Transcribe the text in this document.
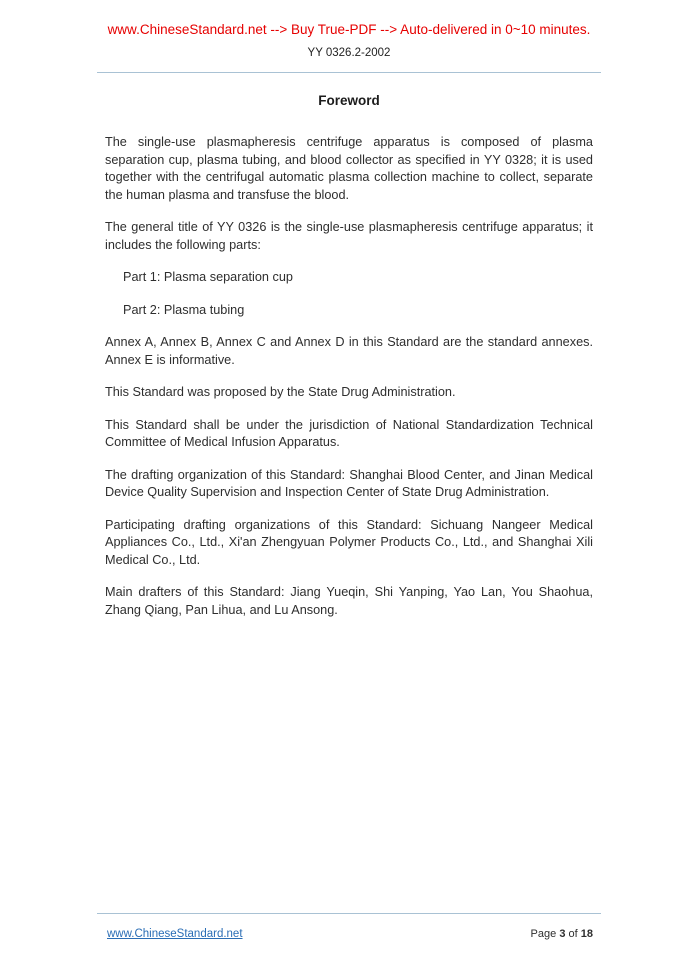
www.ChineseStandard.net --> Buy True-PDF --> Auto-delivered in 0~10 minutes.
YY 0326.2-2002
Foreword

The single-use plasmapheresis centrifuge apparatus is composed of plasma separation cup, plasma tubing, and blood collector as specified in YY 0328; it is used together with the centrifugal automatic plasma collection machine to collect, separate the human plasma and transfuse the blood.

The general title of YY 0326 is the single-use plasmapheresis centrifuge apparatus; it includes the following parts:

Part 1: Plasma separation cup

Part 2: Plasma tubing

Annex A, Annex B, Annex C and Annex D in this Standard are the standard annexes. Annex E is informative.

This Standard was proposed by the State Drug Administration.

This Standard shall be under the jurisdiction of National Standardization Technical Committee of Medical Infusion Apparatus.

The drafting organization of this Standard: Shanghai Blood Center, and Jinan Medical Device Quality Supervision and Inspection Center of State Drug Administration.

Participating drafting organizations of this Standard: Sichuang Nangeer Medical Appliances Co., Ltd., Xi'an Zhengyuan Polymer Products Co., Ltd., and Shanghai Xili Medical Co., Ltd.

Main drafters of this Standard: Jiang Yueqin, Shi Yanping, Yao Lan, You Shaohua, Zhang Qiang, Pan Lihua, and Lu Ansong.

www.ChineseStandard.net	Page 3 of 18
